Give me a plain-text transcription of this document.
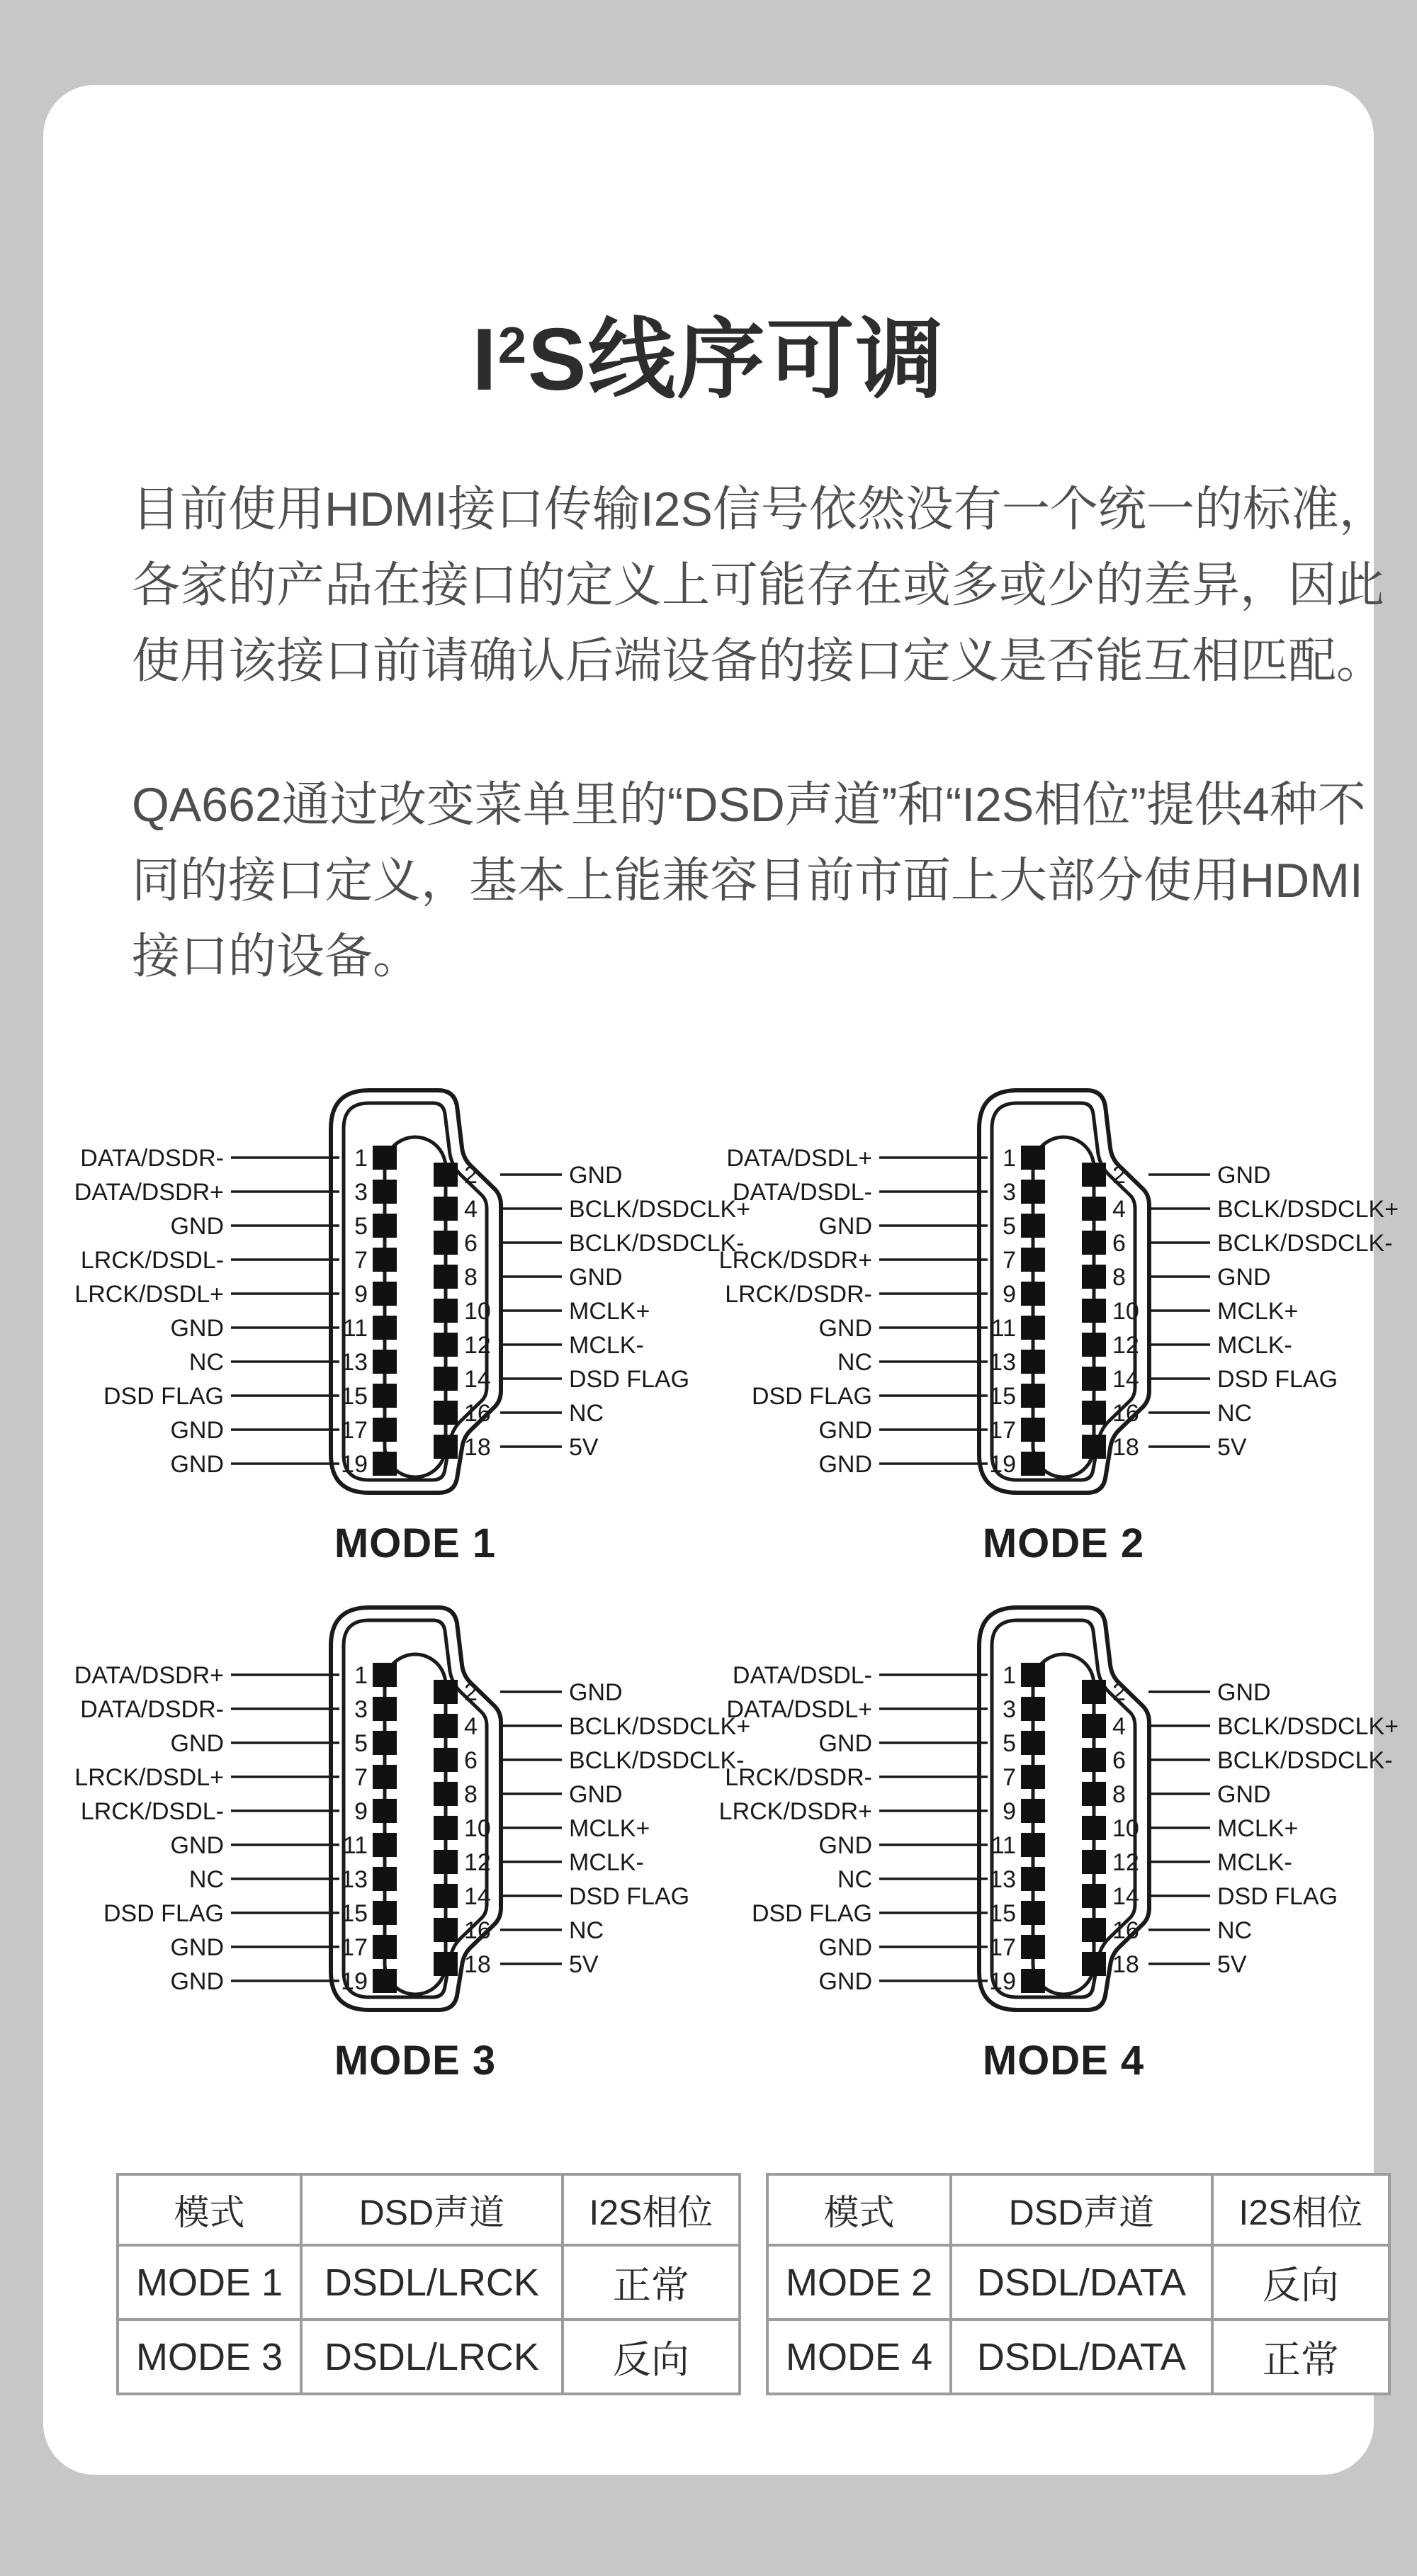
I2S线序可调
目前使用HDMI接口传输I2S信号依然没有一个统一的标准，
各家的产品在接口的定义上可能存在或多或少的差异，因此
使用该接口前请确认后端设备的接口定义是否能互相匹配。
QA662通过改变菜单里的“DSD声道”和“I2S相位”提供4种不
同的接口定义，基本上能兼容目前市面上大部分使用HDMI
接口的设备。
1
DATA/DSDR-
3
DATA/DSDR+
5
GND
7
LRCK/DSDL-
9
LRCK/DSDL+
11
GND
13
NC
15
DSD FLAG
17
GND
19
GND
2	GND
4	BCLK/DSDCLK+
6	BCLK/DSDCLK-
8	GND
10	MCLK+
12	MCLK-
14	DSD FLAG
16	NC
18	5V
1
DATA/DSDL+
3
DATA/DSDL-
5
GND
7
LRCK/DSDR+
9
LRCK/DSDR-
11
GND
13
NC
15
DSD FLAG
17
GND
19
GND
2	GND
4	BCLK/DSDCLK+
6	BCLK/DSDCLK-
8	GND
10	MCLK+
12	MCLK-
14	DSD FLAG
16	NC
18	5V
1
DATA/DSDR+
3
DATA/DSDR-
5
GND
7
LRCK/DSDL+
9
LRCK/DSDL-
11
GND
13
NC
15
DSD FLAG
17
GND
19
GND
2	GND
4	BCLK/DSDCLK+
6	BCLK/DSDCLK-
8	GND
10	MCLK+
12	MCLK-
14	DSD FLAG
16	NC
18	5V
1
DATA/DSDL-
3
DATA/DSDL+
5
GND
7
LRCK/DSDR-
9
LRCK/DSDR+
11
GND
13
NC
15
DSD FLAG
17
GND
19
GND
2	GND
4	BCLK/DSDCLK+
6	BCLK/DSDCLK-
8	GND
10	MCLK+
12	MCLK-
14	DSD FLAG
16	NC
18	5V
MODE 1	MODE 2
MODE 3	MODE 4
模式	DSD声道	I2S相位
MODE 1	DSDL/LRCK	正常
MODE 3	DSDL/LRCK	反向
模式	DSD声道	I2S相位
MODE 2	DSDL/DATA	反向
MODE 4	DSDL/DATA	正常
